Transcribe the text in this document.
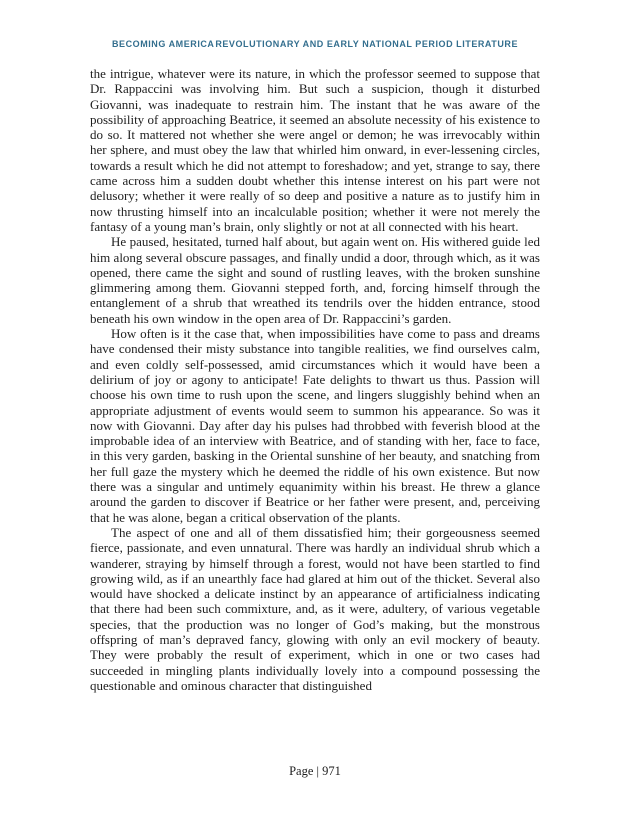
BECOMING AMERICA REVOLUTIONARY AND EARLY NATIONAL PERIOD LITERATURE

the intrigue, whatever were its nature, in which the professor seemed to suppose that Dr. Rappaccini was involving him. But such a suspicion, though it disturbed Giovanni, was inadequate to restrain him. The instant that he was aware of the possibility of approaching Beatrice, it seemed an absolute necessity of his existence to do so. It mattered not whether she were angel or demon; he was irrevocably within her sphere, and must obey the law that whirled him onward, in ever-lessening circles, towards a result which he did not attempt to foreshadow; and yet, strange to say, there came across him a sudden doubt whether this intense interest on his part were not delusory; whether it were really of so deep and positive a nature as to justify him in now thrusting himself into an incalculable position; whether it were not merely the fantasy of a young man’s brain, only slightly or not at all connected with his heart.

He paused, hesitated, turned half about, but again went on. His withered guide led him along several obscure passages, and finally undid a door, through which, as it was opened, there came the sight and sound of rustling leaves, with the broken sunshine glimmering among them. Giovanni stepped forth, and, forcing himself through the entanglement of a shrub that wreathed its tendrils over the hidden entrance, stood beneath his own window in the open area of Dr. Rappaccini’s garden.

How often is it the case that, when impossibilities have come to pass and dreams have condensed their misty substance into tangible realities, we find ourselves calm, and even coldly self-possessed, amid circumstances which it would have been a delirium of joy or agony to anticipate! Fate delights to thwart us thus. Passion will choose his own time to rush upon the scene, and lingers sluggishly behind when an appropriate adjustment of events would seem to summon his appearance. So was it now with Giovanni. Day after day his pulses had throbbed with feverish blood at the improbable idea of an interview with Beatrice, and of standing with her, face to face, in this very garden, basking in the Oriental sunshine of her beauty, and snatching from her full gaze the mystery which he deemed the riddle of his own existence. But now there was a singular and untimely equanimity within his breast. He threw a glance around the garden to discover if Beatrice or her father were present, and, perceiving that he was alone, began a critical observation of the plants.

The aspect of one and all of them dissatisfied him; their gorgeousness seemed fierce, passionate, and even unnatural. There was hardly an individual shrub which a wanderer, straying by himself through a forest, would not have been startled to find growing wild, as if an unearthly face had glared at him out of the thicket. Several also would have shocked a delicate instinct by an appearance of artificialness indicating that there had been such commixture, and, as it were, adultery, of various vegetable species, that the production was no longer of God’s making, but the monstrous offspring of man’s depraved fancy, glowing with only an evil mockery of beauty. They were probably the result of experiment, which in one or two cases had succeeded in mingling plants individually lovely into a compound possessing the questionable and ominous character that distinguished

Page | 971
